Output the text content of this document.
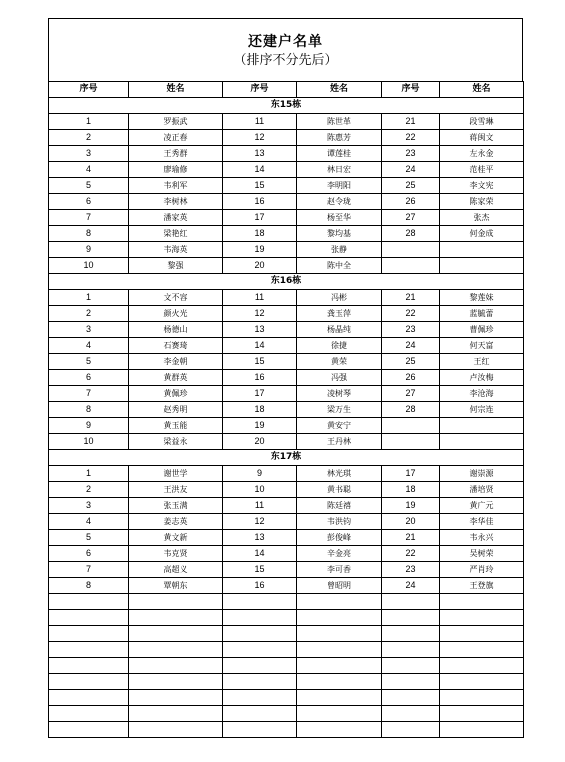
还建户名单
（排序不分先后）
序号	姓名	序号	姓名	序号	姓名
东15栋					
1	罗振武	11	陈世革	21	段雪琳
2	凌正春	12	陈惠芳	22	蒋闽文
3	王秀群	13	谭莲桂	23	左永金
4	廖瑜修	14	林日宏	24	范桂平
5	韦利军	15	李明阳	25	李文宪
6	李树林	16	赵令珑	26	陈家荣
7	潘家英	17	杨至华	27	张杰
8	梁艳红	18	黎均基	28	何金成
9	韦海英	19	张静		
10	黎强	20	陈中全		
东16栋					
1	文不容	11	冯彬	21	黎莲妹
2	颜火光	12	龚玉萍	22	蓝毓蕾
3	杨德山	13	杨晶纯	23	曹佩珍
4	石赛琦	14	徐捷	24	何天富
5	李金朝	15	黄荣	25	王红
6	黄群英	16	冯强	26	卢汝梅
7	黄佩珍	17	凌树琴	27	李沧海
8	赵秀明	18	梁万生	28	何宗连
9	黄玉能	19	黄安宁		
10	梁益永	20	王丹林		
东17栋					
1	谢世学	9	林光琪	17	谢崇源
2	王洪友	10	黄书聪	18	潘培贤
3	张玉满	11	陈廷禧	19	黄广元
4	姜志英	12	韦洪钧	20	李华佳
5	黄文新	13	彭俊峰	21	韦永兴
6	韦克贤	14	辛金亮	22	吴树荣
7	高超义	15	李可香	23	严肖玲
8	覃朝东	16	曾昭明	24	王登旗
